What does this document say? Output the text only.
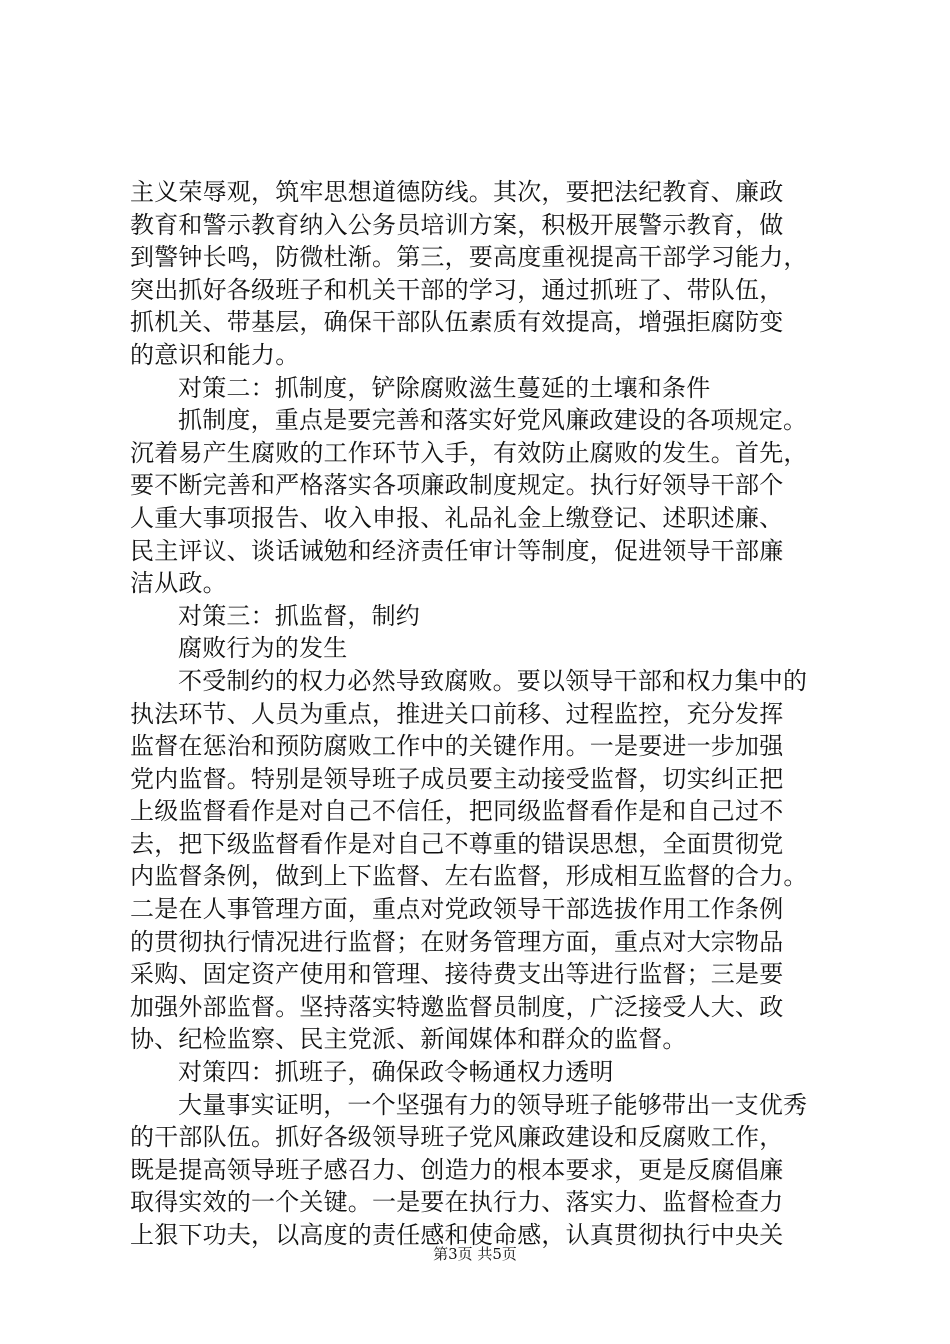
主义荣辱观，筑牢思想道德防线。其次，要把法纪教育、廉政
教育和警示教育纳入公务员培训方案，积极开展警示教育，做
到警钟长鸣，防微杜渐。第三，要高度重视提高干部学习能力，
突出抓好各级班子和机关干部的学习，通过抓班了、带队伍，
抓机关、带基层，确保干部队伍素质有效提高，增强拒腐防变
的意识和能力。
对策二：抓制度，铲除腐败滋生蔓延的土壤和条件
抓制度，重点是要完善和落实好党风廉政建设的各项规定。
沉着易产生腐败的工作环节入手，有效防止腐败的发生。首先，
要不断完善和严格落实各项廉政制度规定。执行好领导干部个
人重大事项报告、收入申报、礼品礼金上缴登记、述职述廉、
民主评议、谈话诫勉和经济责任审计等制度，促进领导干部廉
洁从政。
对策三：抓监督，制约
腐败行为的发生
不受制约的权力必然导致腐败。要以领导干部和权力集中的
执法环节、人员为重点，推进关口前移、过程监控，充分发挥
监督在惩治和预防腐败工作中的关键作用。一是要进一步加强
党内监督。特别是领导班子成员要主动接受监督，切实纠正把
上级监督看作是对自己不信任，把同级监督看作是和自己过不
去，把下级监督看作是对自己不尊重的错误思想，全面贯彻党
内监督条例，做到上下监督、左右监督，形成相互监督的合力。
二是在人事管理方面，重点对党政领导干部选拔作用工作条例
的贯彻执行情况进行监督；在财务管理方面，重点对大宗物品
采购、固定资产使用和管理、接待费支出等进行监督；三是要
加强外部监督。坚持落实特邀监督员制度，广泛接受人大、政
协、纪检监察、民主党派、新闻媒体和群众的监督。
对策四：抓班子，确保政令畅通权力透明
大量事实证明，一个坚强有力的领导班子能够带出一支优秀
的干部队伍。抓好各级领导班子党风廉政建设和反腐败工作，
既是提高领导班子感召力、创造力的根本要求，更是反腐倡廉
取得实效的一个关键。一是要在执行力、落实力、监督检查力
上狠下功夫，以高度的责任感和使命感，认真贯彻执行中央关
第3页 共5页
